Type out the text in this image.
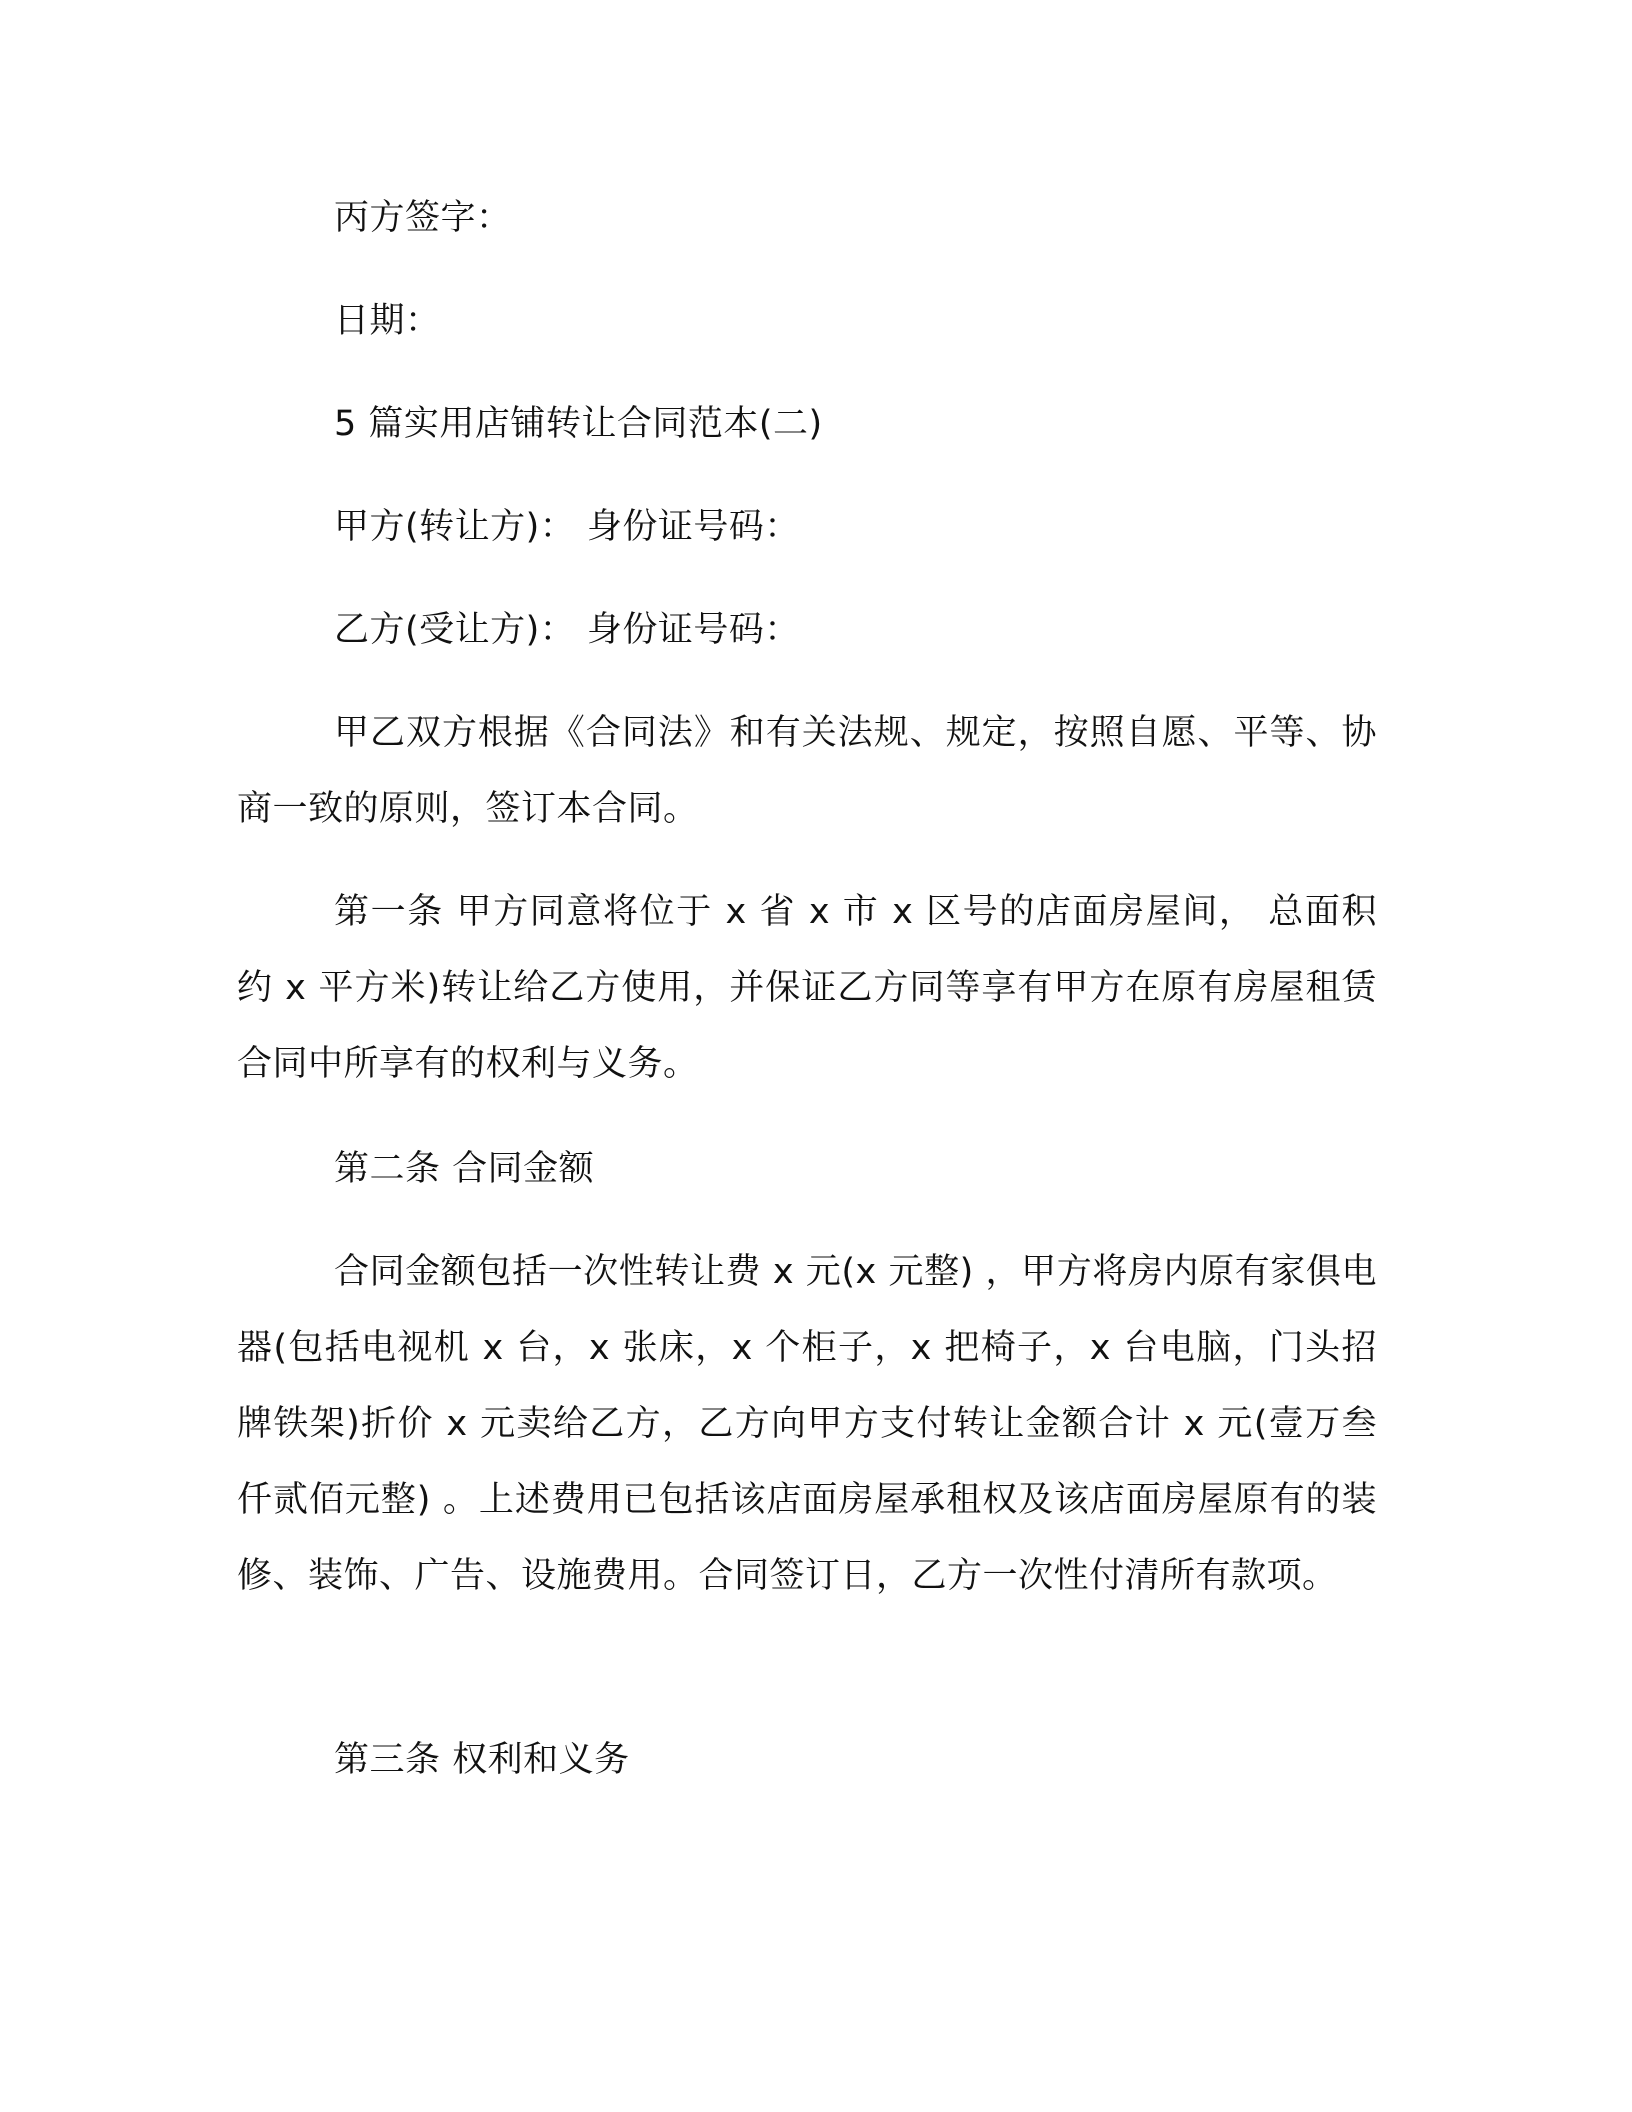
丙方签字：
日期：
5 篇实用店铺转让合同范本(二)
甲方(转让方)： 身份证号码：
乙方(受让方)： 身份证号码：
甲乙双方根据《合同法》和有关法规、规定，按照自愿、平等、协商一致的原则，签订本合同。
第一条 甲方同意将位于 x 省 x 市 x 区号的店面房屋间， 总面积约 x 平方米)转让给乙方使用，并保证乙方同等享有甲方在原有房屋租赁合同中所享有的权利与义务。
第二条 合同金额
合同金额包括一次性转让费 x 元(x 元整) ，甲方将房内原有家俱电器(包括电视机 x 台，x 张床，x 个柜子，x 把椅子，x 台电脑，门头招牌铁架)折价 x 元卖给乙方，乙方向甲方支付转让金额合计 x 元(壹万叁仟贰佰元整) 。上述费用已包括该店面房屋承租权及该店面房屋原有的装修、装饰、广告、设施费用。合同签订日，乙方一次性付清所有款项。
第三条 权利和义务
